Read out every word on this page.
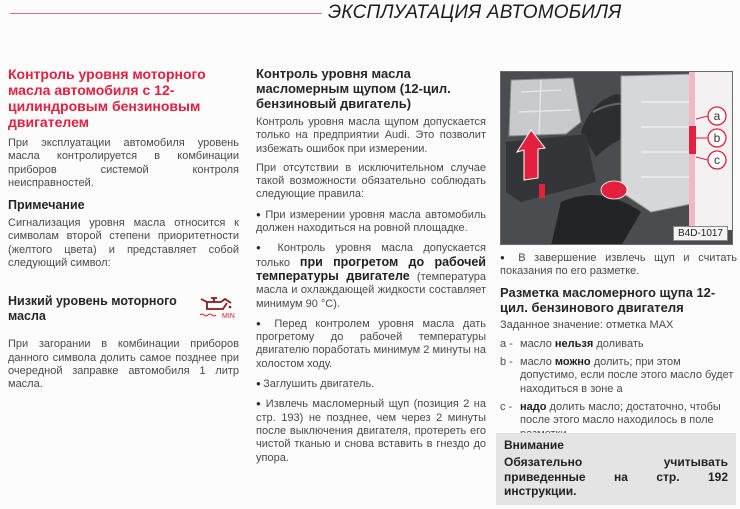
ЭКСПЛУАТАЦИЯ АВТОМОБИЛЯ
Контроль уровня моторного масла автомобиля с 12-цилиндровым бензиновым двигателем

При эксплуатации автомобиля уровень масла контролируется в комбинации приборов системой контроля неисправностей.

Примечание

Сигнализация уровня масла относится к символам второй степени приоритетности (желтого цвета) и представляет собой следующий символ:

Низкий уровень моторного масла	MIN

При загорании в комбинации приборов данного символа долить самое позднее при очередной заправке автомобиля 1 литр масла.

Контроль уровня масла масломерным щупом (12-цил. бензиновый двигатель)

Контроль уровня масла щупом допускается только на предприятии Audi. Это позволит избежать ошибок при измерении.

При отсутствии в исключительном случае такой возможности обязательно соблюдать следующие правила:

● При измерении уровня масла автомобиль должен находиться на ровной площадке.

● Контроль уровня масла допускается только при прогретом до рабочей температуры двигателе (температура масла и охлаждающей жидкости составляет минимум 90 °С).

● Перед контролем уровня масла дать прогретому до рабочей температуры двигателю поработать минимум 2 минуты на холостом ходу.

● Заглушить двигатель.

● Извлечь масломерный щуп (позиция 2 на стр. 193) не позднее, чем через 2 минуты после выключения двигателя, протереть его чистой тканью и снова вставить в гнездо до упора.

a
b
c
B4D-1017

● В завершение извлечь щуп и считать показания по его разметке.

Разметка масломерного щупа 12-цил. бензинового двигателя

Заданное значение: отметка МАХ

a - масло нельзя доливать
b - масло можно долить; при этом допустимо, если после этого масло будет находиться в зоне а
c - надо долить масло; достаточно, чтобы после этого масло находилось в поле
Внимание
Обязательно учитывать приведенные на стр. 192 инструкции.
